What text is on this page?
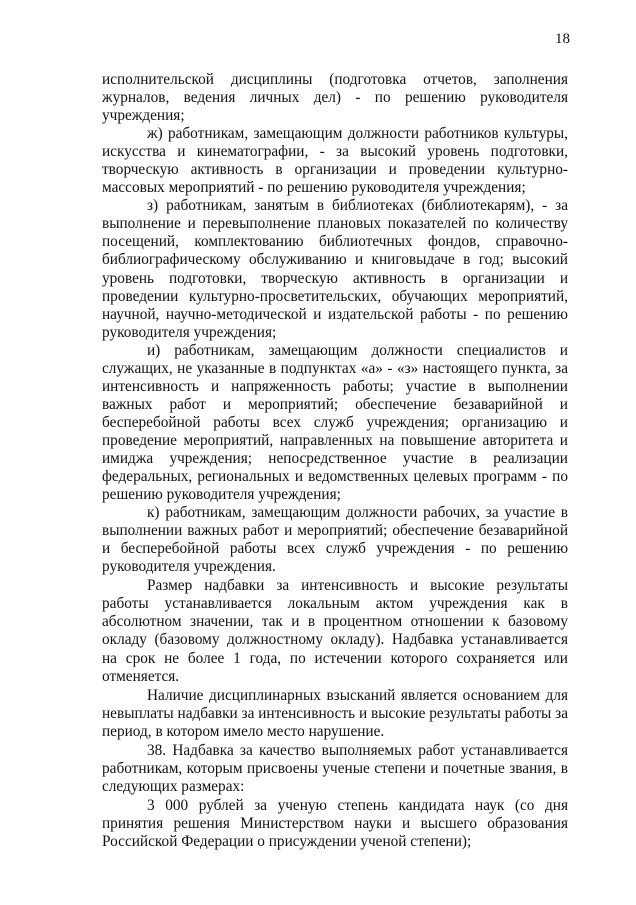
18

исполнительской дисциплины (подготовка отчетов, заполнения журналов, ведения личных дел) - по решению руководителя учреждения;

ж) работникам, замещающим должности работников культуры, искусства и кинематографии, - за высокий уровень подготовки, творческую активность в организации и проведении культурно-массовых мероприятий - по решению руководителя учреждения;

з) работникам, занятым в библиотеках (библиотекарям), - за выполнение и перевыполнение плановых показателей по количеству посещений, комплектованию библиотечных фондов, справочно-библиографическому обслуживанию и книговыдаче в год; высокий уровень подготовки, творческую активность в организации и проведении культурно-просветительских, обучающих мероприятий, научной, научно-методической и издательской работы - по решению руководителя учреждения;

и) работникам, замещающим должности специалистов и служащих, не указанные в подпунктах «а» - «з» настоящего пункта, за интенсивность и напряженность работы; участие в выполнении важных работ и мероприятий; обеспечение безаварийной и бесперебойной работы всех служб учреждения; организацию и проведение мероприятий, направленных на повышение авторитета и имиджа учреждения; непосредственное участие в реализации федеральных, региональных и ведомственных целевых программ - по решению руководителя учреждения;

к) работникам, замещающим должности рабочих, за участие в выполнении важных работ и мероприятий; обеспечение безаварийной и бесперебойной работы всех служб учреждения - по решению руководителя учреждения.

Размер надбавки за интенсивность и высокие результаты работы устанавливается локальным актом учреждения как в абсолютном значении, так и в процентном отношении к базовому окладу (базовому должностному окладу). Надбавка устанавливается на срок не более 1 года, по истечении которого сохраняется или отменяется.

Наличие дисциплинарных взысканий является основанием для невыплаты надбавки за интенсивность и высокие результаты работы за период, в котором имело место нарушение.

38. Надбавка за качество выполняемых работ устанавливается работникам, которым присвоены ученые степени и почетные звания, в следующих размерах:

3 000 рублей за ученую степень кандидата наук (со дня принятия решения Министерством науки и высшего образования Российской Федерации о присуждении ученой степени);
